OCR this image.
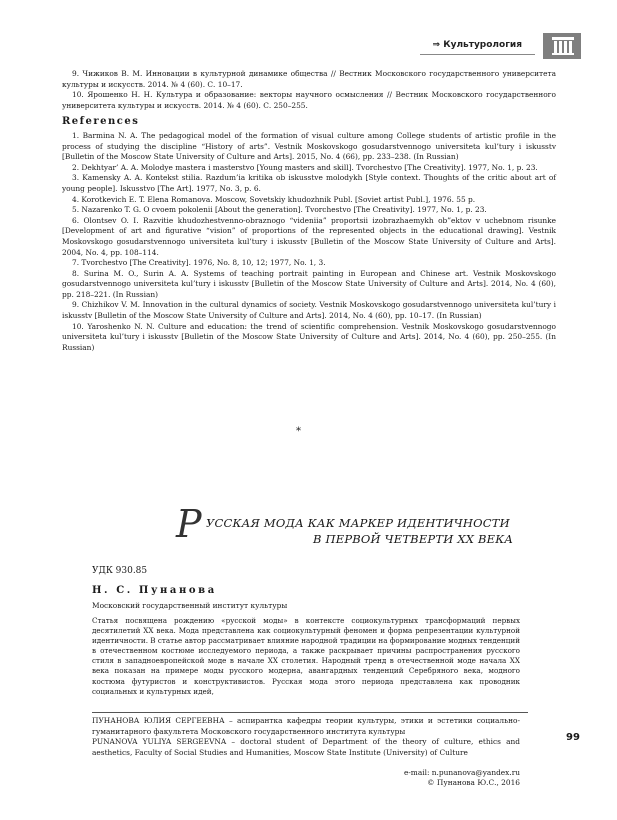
⇒ Культурология

9. Чижиков В. М. Инновации в культурной динамике общества // Вестник Московского государственного университета культуры и искусств. 2014. № 4 (60). С. 10–17.

10. Ярошенко Н. Н. Культура и образование: векторы научного осмысления // Вестник Московского государственного университета культуры и искусств. 2014. № 4 (60). С. 250–255.

References

1. Barmina N. A. The pedagogical model of the formation of visual culture among College students of artistic profile in the process of studying the discipline “History of arts”. Vestnik Moskovskogo gosudarstvennogo universiteta kul’tury i iskusstv [Bulletin of the Moscow State University of Culture and Arts]. 2015, No. 4 (66), pp. 233–238. (In Russian)

2. Dekhtyar’ A. A. Molodye mastera i masterstvo [Young masters and skill]. Tvorchestvo [The Creativity]. 1977, No. 1, p. 23.

3. Kamensky A. A. Kontekst stilia. Razdum’ia kritika ob iskusstve molodykh [Style context. Thoughts of the critic about art of young people]. Iskusstvo [The Art]. 1977, No. 3, p. 6.

4. Korotkevich E. T. Elena Romanova. Moscow, Sovetskiy khudozhnik Publ. [Soviet artist Publ.], 1976. 55 p.

5. Nazarenko T. G. O cvoem pokolenii [About the generation]. Tvorchestvo [The Creativity]. 1977, No. 1, p. 23.

6. Olontsev O. I. Razvitie khudozhestvenno-obraznogo “videniia” proportsii izobrazhaemykh ob”ektov v uchebnom risunke [Development of art and figurative “vision” of proportions of the represented objects in the educational drawing]. Vestnik Moskovskogo gosudarstvennogo universiteta kul’tury i iskusstv [Bulletin of the Moscow State University of Culture and Arts]. 2004, No. 4, pp. 108–114.

7. Tvorchestvo [The Creativity]. 1976, No. 8, 10, 12; 1977, No. 1, 3.

8. Surina M. O., Surin A. A. Systems of teaching portrait painting in European and Chinese art. Vestnik Moskovskogo gosudarstvennogo universiteta kul’tury i iskusstv [Bulletin of the Moscow State University of Culture and Arts]. 2014, No. 4 (60), pp. 218–221. (In Russian)

9. Chizhikov V. M. Innovation in the cultural dynamics of society. Vestnik Moskovskogo gosudarstvennogo universiteta kul’tury i iskusstv [Bulletin of the Moscow State University of Culture and Arts]. 2014, No. 4 (60), pp. 10–17. (In Russian)

10. Yaroshenko N. N. Culture and education: the trend of scientific comprehension. Vestnik Moskovskogo gosudarstvennogo universiteta kul’tury i iskusstv [Bulletin of the Moscow State University of Culture and Arts]. 2014, No. 4 (60), pp. 250–255. (In Russian)

*
Р УССКАЯ МОДА КАК МАРКЕР ИДЕНТИЧНОСТИ
В ПЕРВОЙ ЧЕТВЕРТИ XX ВЕКА
УДК 930.85
Н. С. Пунанова
Московский государственный институт культуры
Статья посвящена рождению «русской моды» в контексте социокультурных трансформаций первых десятилетий XX века. Мода представлена как социокультурный феномен и форма репрезентации культурной идентичности. В статье автор рассматривает влияние народной традиции на формирование модных тенденций в отечественном костюме исследуемого периода, а также раскрывает причины распространения русского стиля в западноевропейской моде в начале XX столетия. Народный тренд в отечественной моде начала XX века показан на примере моды русского модерна, авангардных тенденций Серебряного века, модного костюма футуристов и конструктивистов. Русская мода этого периода представлена как проводник социальных и культурных идей,
ПУНАНОВА ЮЛИЯ СЕРГЕЕВНА – аспирантка кафедры теории культуры, этики и эстетики социально-гуманитарного факультета Московского государственного института культуры
PUNANOVA YULIYA SERGEEVNA – doctoral student of Department of the theory of culture, ethics and aesthetics, Faculty of Social Studies and Humanities, Moscow State Institute (University) of Culture
99
e-mail: n.punanova@yandex.ru
© Пунанова Ю.С., 2016
